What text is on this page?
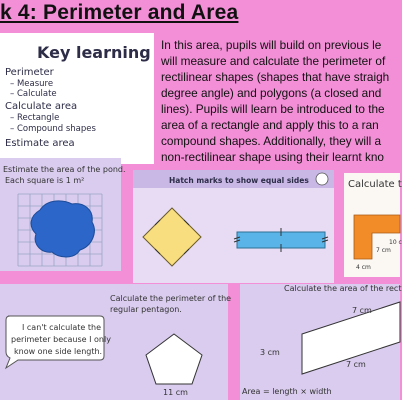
k 4: Perimeter and Area
Key learning
Perimeter
– Measure
– Calculate
Calculate area
– Rectangle
– Compound shapes
Estimate area
In this area, pupils will build on previous le
will measure and calculate the perimeter of
rectilinear shapes (shapes that have straigh
degree angle) and polygons (a closed and
lines). Pupils will learn be introduced to the
area of a rectangle and apply this to a ran
compound shapes. Additionally, they will a
non-rectilinear shape using their learnt kno
Estimate the area of the pond.
Each square is 1 m²	Hatch marks to show equal sides	Calculate t
10 c
7 cm
4 cm
Calculate the perimeter of the
regular pentagon.
I can't calculate the
perimeter because I only
know one side length.
11 cm
Calculate the area of the rect
7 cm
3 cm
7 cm
Area = length × width
